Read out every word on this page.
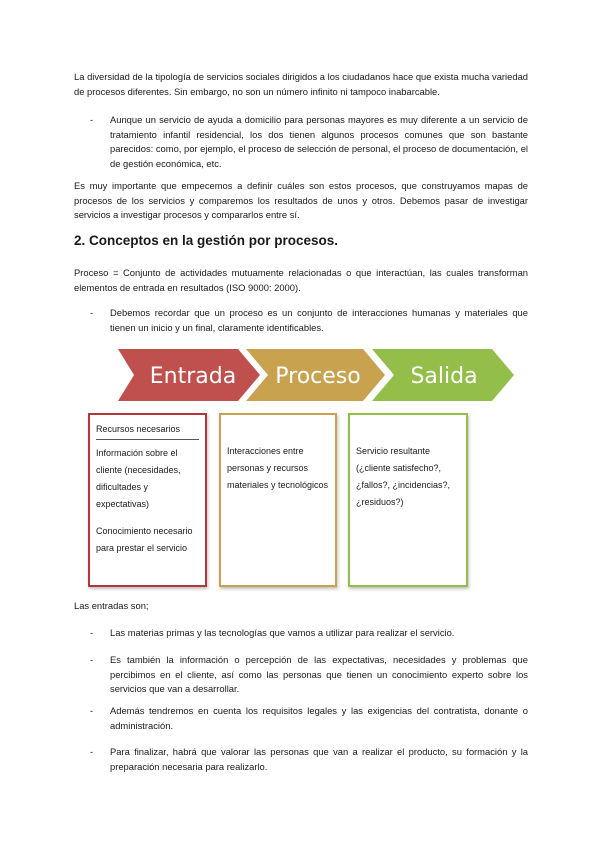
La diversidad de la tipología de servicios sociales dirigidos a los ciudadanos hace que exista mucha variedad de procesos diferentes. Sin embargo, no son un número infinito ni tampoco inabarcable.

- Aunque un servicio de ayuda a domicilio para personas mayores es muy diferente a un servicio de tratamiento infantil residencial, los dos tienen algunos procesos comunes que son bastante parecidos: como, por ejemplo, el proceso de selección de personal, el proceso de documentación, el de gestión económica, etc.

Es muy importante que empecemos a definir cuáles son estos procesos, que construyamos mapas de procesos de los servicios y comparemos los resultados de unos y otros. Debemos pasar de investigar servicios a investigar procesos y compararlos entre sí.

2. Conceptos en la gestión por procesos.

Proceso = Conjunto de actividades mutuamente relacionadas o que interactúan, las cuales transforman elementos de entrada en resultados (ISO 9000: 2000).

- Debemos recordar que un proceso es un conjunto de interacciones humanas y materiales que tienen un inicio y un final, claramente identificables.
Entrada Proceso Salida

Recursos necesarios

Información sobre el cliente (necesidades, dificultades y expectativas)

Conocimiento necesario para prestar el servicio

Interacciones entre personas y recursos materiales y tecnológicos

Servicio resultante (¿cliente satisfecho?, ¿fallos?, ¿incidencias?, ¿residuos?)

Las entradas son;

- Las materias primas y las tecnologías que vamos a utilizar para realizar el servicio.
- Es también la información o percepción de las expectativas, necesidades y problemas que percibimos en el cliente, así como las personas que tienen un conocimiento experto sobre los servicios que van a desarrollar.
- Además tendremos en cuenta los requisitos legales y las exigencias del contratista, donante o administración.
- Para finalizar, habrá que valorar las personas que van a realizar el producto, su formación y la preparación necesaria para realizarlo.
